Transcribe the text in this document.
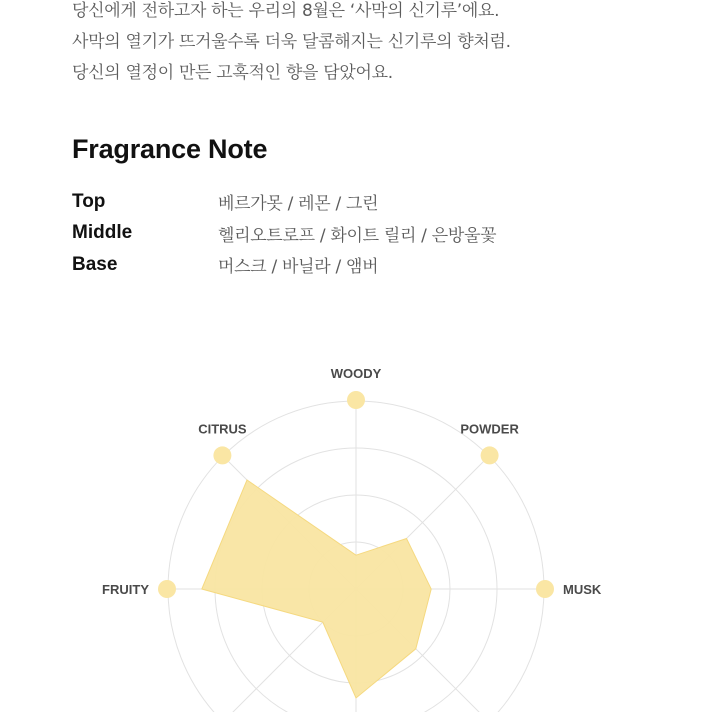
당신에게 전하고자 하는 우리의 8월은 ‘사막의 신기루’에요.
사막의 열기가 뜨거울수록 더욱 달콤해지는 신기루의 향처럼.
당신의 열정이 만든 고혹적인 향을 담았어요.
Fragrance Note
Top	베르가못 / 레몬 / 그린
Middle	헬리오트로프 / 화이트 릴리 / 은방울꽃
Base	머스크 / 바닐라 / 앰버
WOODY
POWDER
MUSK
FRUITY
CITRUS
